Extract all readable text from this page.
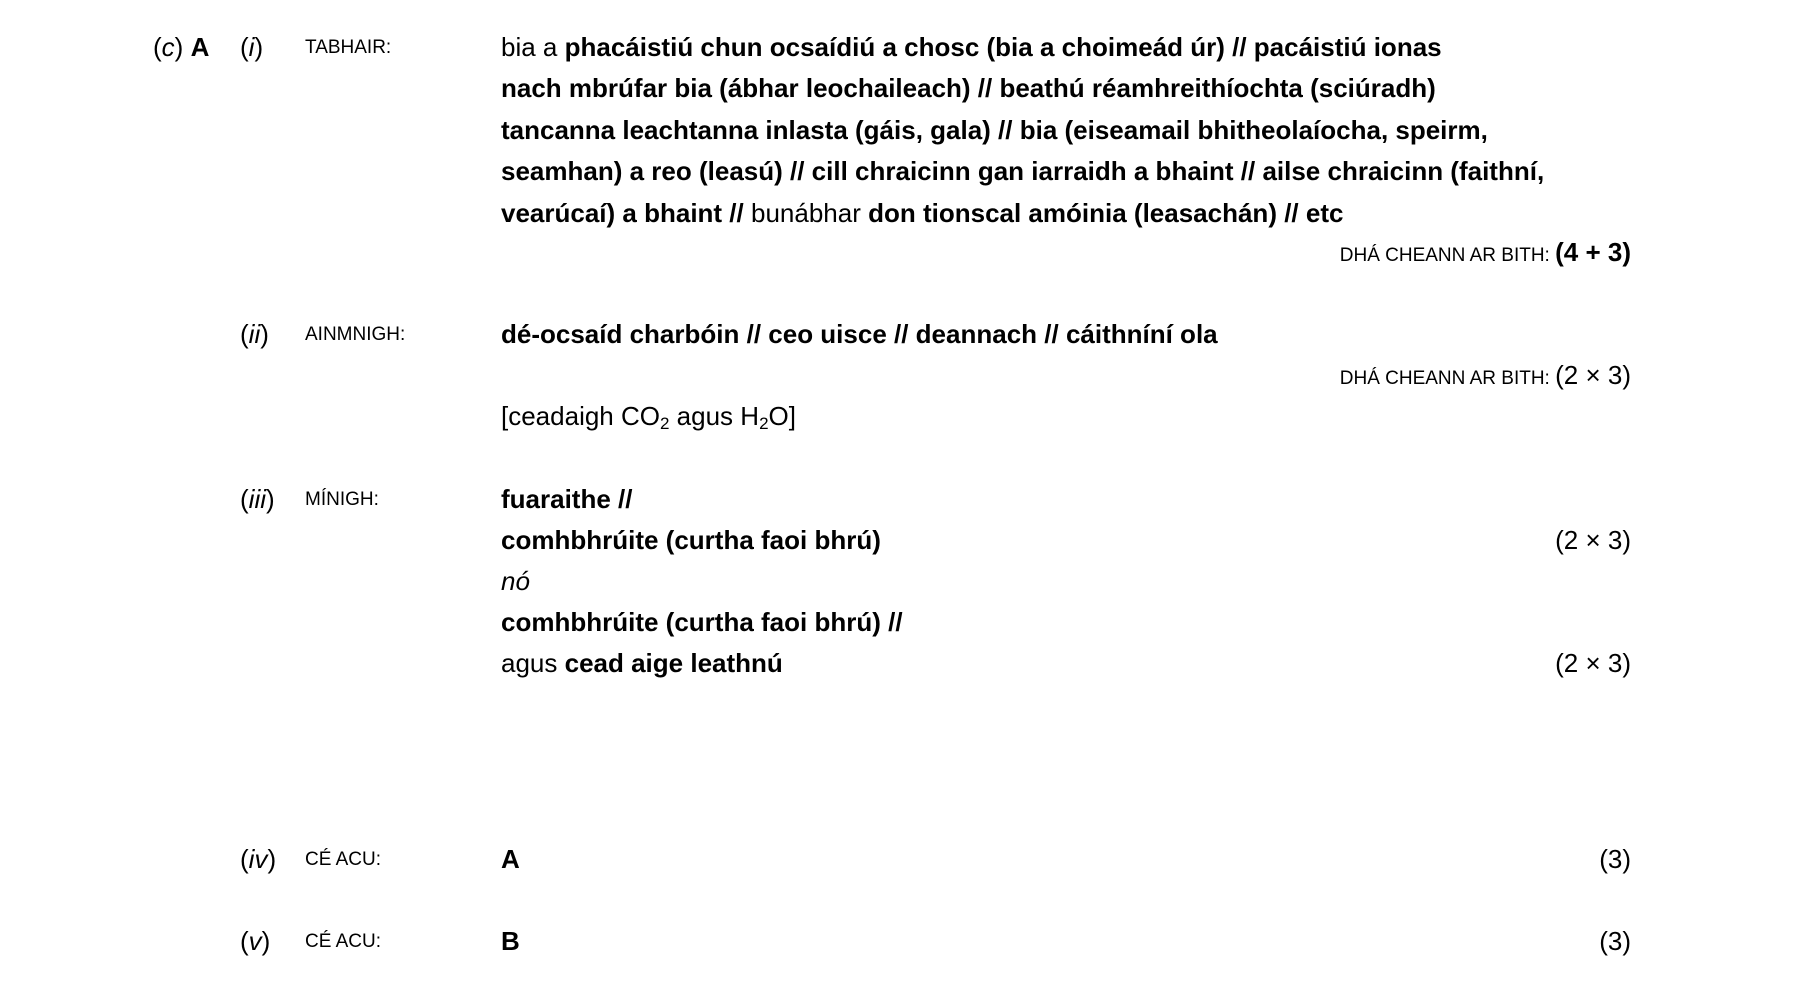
(c) A (i) TABHAIR:	bia a phacáistiú chun ocsaídiú a chosc (bia a choimeád úr) // pacáistiú ionas
nach mbrúfar bia (ábhar leochaileach) // beathú réamhreithíochta (sciúradh)
tancanna leachtanna inlasta (gáis, gala) // bia (eiseamail bhitheolaíocha, speirm,
seamhan) a reo (leasú) // cill chraicinn gan iarraidh a bhaint // ailse chraicinn (faithní,
vearúcaí) a bhaint // bunábhar don tionscal amóinia (leasachán) // etc
DHÁ CHEANN AR BITH: (4 + 3)
(ii) AINMNIGH:	dé-ocsaíd charbóin // ceo uisce // deannach // cáithníní ola
DHÁ CHEANN AR BITH: (2 × 3)
[ceadaigh $CO_2$ agus $H_2O$]
(iii) MÍNIGH:	fuaraithe //
comhbhrúite (curtha faoi bhrú)	(2 × 3)
nó
comhbhrúite (curtha faoi bhrú) //
agus cead aige leathnú	(2 × 3)
(iv) CÉ ACU:	A	(3)
(v) CÉ ACU:	B	(3)
